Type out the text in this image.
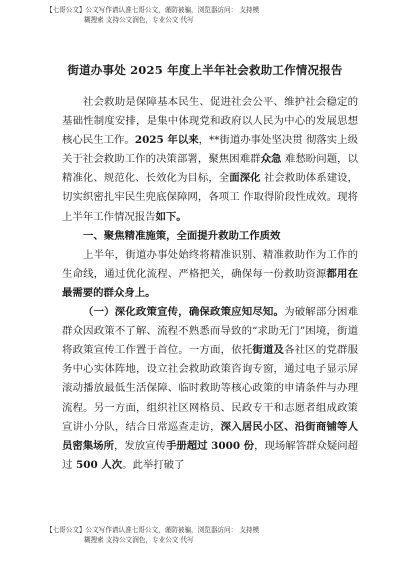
【七哥公文】公文写作请认准七哥公文，谨防被骗，浏览器访问： 支持模
糊搜索 支持公文润色，专业公文 代写
街道办事处 2025 年度上半年社会救助工作情况报告

社会救助是保障基本民生、促进社会公平、维护社会稳定的基础性制度安排，是集中体现党和政府以人民为中心的发展思想核心民生工作。2025 年以来，**街道办事处坚决贯 彻落实上级关于社会救助工作的决策部署，聚焦困难群众急 难愁盼问题，以精准化、规范化、长效化为目标，全面深化 社会救助体系建设，切实织密扎牢民生兜底保障网，各项工 作取得阶段性成效。现将上半年工作情况报告如下。

一、聚焦精准施策，全面提升救助工作质效

上半年，街道办事处始终将精准识别、精准救助作为工作的生命线，通过优化流程、严格把关，确保每一份救助资源都用在最需要的群众身上。

（一）深化政策宣传，确保政策应知尽知。为破解部分困难群众因政策不了解、流程不熟悉而导致的“求助无门”困境，街道将政策宣传工作置于首位。一方面，依托街道及各社区的党群服务中心实体阵地，设立社会救助政策咨询专窗，通过电子显示屏滚动播放最低生活保障、临时救助等核心政策的申请条件与办理流程。另一方面，组织社区网格员、民政专干和志愿者组成政策宣讲小分队，结合日常巡查走访，深入居民小区、沿街商铺等人员密集场所，发放宣传手册超过 3000 份，现场解答群众疑问超过 500 人次。此举打破了

【七哥公文】公文写作请认准七哥公文，谨防被骗，浏览器访问： 支持模
糊搜索 支持公文润色，专业公文 代写
